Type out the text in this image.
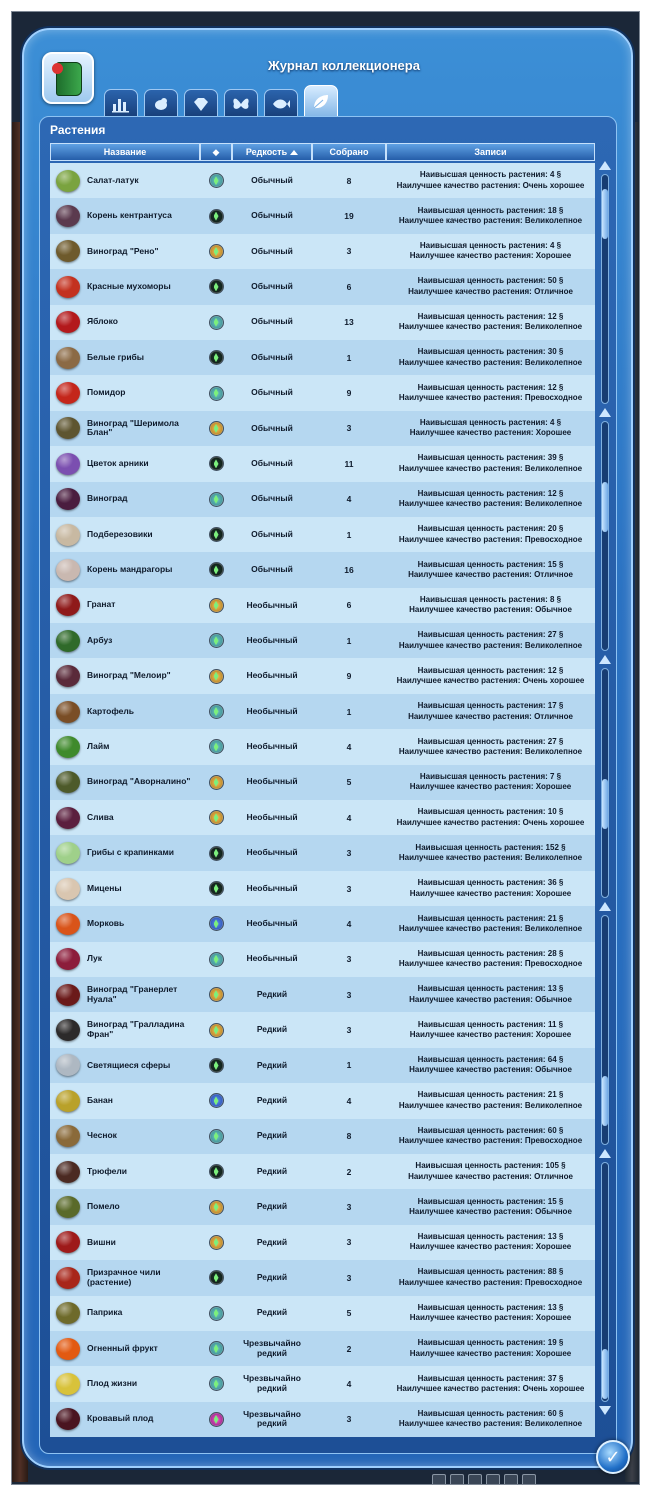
Журнал коллекционера
Растения
Название	◆	Редкость	Собрано	Записи
Салат-латук	Обычный	8
Наивысшая ценность растения: 4 §
Наилучшее качество растения: Очень хорошее
Корень кентрантуса	Обычный	19
Наивысшая ценность растения: 18 §
Наилучшее качество растения: Великолепное
Виноград "Рено"	Обычный	3
Наивысшая ценность растения: 4 §
Наилучшее качество растения: Хорошее
Красные мухоморы	Обычный	6
Наивысшая ценность растения: 50 §
Наилучшее качество растения: Отличное
Яблоко	Обычный	13
Наивысшая ценность растения: 12 §
Наилучшее качество растения: Великолепное
Белые грибы	Обычный	1
Наивысшая ценность растения: 30 §
Наилучшее качество растения: Великолепное
Помидор	Обычный	9
Наивысшая ценность растения: 12 §
Наилучшее качество растения: Превосходное
Виноград "Шеримола Блан"	Обычный	3
Наивысшая ценность растения: 4 §
Наилучшее качество растения: Хорошее
Цветок арники	Обычный	11
Наивысшая ценность растения: 39 §
Наилучшее качество растения: Великолепное
Виноград	Обычный	4
Наивысшая ценность растения: 12 §
Наилучшее качество растения: Великолепное
Подберезовики	Обычный	1
Наивысшая ценность растения: 20 §
Наилучшее качество растения: Превосходное
Корень мандрагоры	Обычный	16
Наивысшая ценность растения: 15 §
Наилучшее качество растения: Отличное
Гранат	Необычный	6
Наивысшая ценность растения: 8 §
Наилучшее качество растения: Обычное
Арбуз	Необычный	1
Наивысшая ценность растения: 27 §
Наилучшее качество растения: Великолепное
Виноград "Мелоир"	Необычный	9
Наивысшая ценность растения: 12 §
Наилучшее качество растения: Очень хорошее
Картофель	Необычный	1
Наивысшая ценность растения: 17 §
Наилучшее качество растения: Отличное
Лайм	Необычный	4
Наивысшая ценность растения: 27 §
Наилучшее качество растения: Великолепное
Виноград "Аворналино"	Необычный	5
Наивысшая ценность растения: 7 §
Наилучшее качество растения: Хорошее
Слива	Необычный	4
Наивысшая ценность растения: 10 §
Наилучшее качество растения: Очень хорошее
Грибы с крапинками	Необычный	3
Наивысшая ценность растения: 152 §
Наилучшее качество растения: Великолепное
Мицены	Необычный	3
Наивысшая ценность растения: 36 §
Наилучшее качество растения: Хорошее
Морковь	Необычный	4
Наивысшая ценность растения: 21 §
Наилучшее качество растения: Великолепное
Лук	Необычный	3
Наивысшая ценность растения: 28 §
Наилучшее качество растения: Превосходное
Виноград "Гранерлет Нуала"	Редкий	3
Наивысшая ценность растения: 13 §
Наилучшее качество растения: Обычное
Виноград "Гралладина Фран"	Редкий	3
Наивысшая ценность растения: 11 §
Наилучшее качество растения: Хорошее
Светящиеся сферы	Редкий	1
Наивысшая ценность растения: 64 §
Наилучшее качество растения: Обычное
Банан	Редкий	4
Наивысшая ценность растения: 21 §
Наилучшее качество растения: Великолепное
Чеснок	Редкий	8
Наивысшая ценность растения: 60 §
Наилучшее качество растения: Превосходное
Трюфели	Редкий	2
Наивысшая ценность растения: 105 §
Наилучшее качество растения: Отличное
Помело	Редкий	3
Наивысшая ценность растения: 15 §
Наилучшее качество растения: Обычное
Вишни	Редкий	3
Наивысшая ценность растения: 13 §
Наилучшее качество растения: Хорошее
Призрачное чили (растение)	Редкий	3
Наивысшая ценность растения: 88 §
Наилучшее качество растения: Превосходное
Паприка	Редкий	5
Наивысшая ценность растения: 13 §
Наилучшее качество растения: Хорошее
Огненный фрукт	Чрезвычайно редкий	2
Наивысшая ценность растения: 19 §
Наилучшее качество растения: Хорошее
Плод жизни	Чрезвычайно редкий	4
Наивысшая ценность растения: 37 §
Наилучшее качество растения: Очень хорошее
Кровавый плод	Чрезвычайно редкий	3
Наивысшая ценность растения: 60 §
Наилучшее качество растения: Великолепное
✓
